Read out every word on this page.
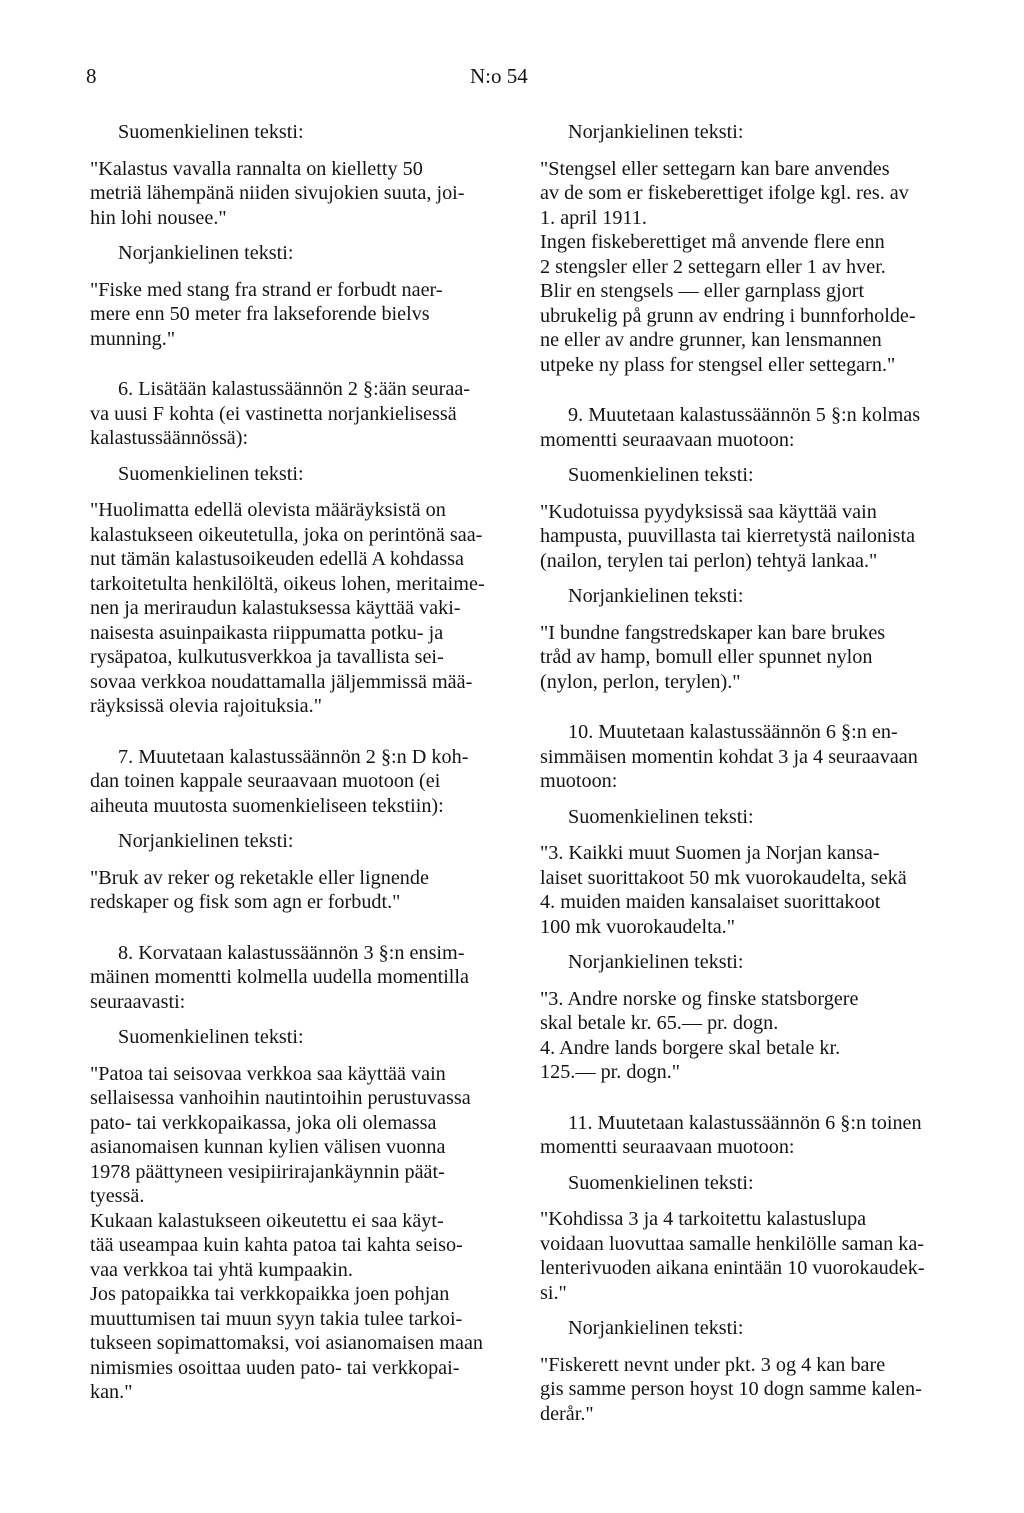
8	N:o 54

Suomenkielinen teksti:

"Kalastus vavalla rannalta on kielletty 50
metriä lähempänä niiden sivujokien suuta, joi-
hin lohi nousee."

Norjankielinen teksti:

"Fiske med stang fra strand er forbudt naer-
mere enn 50 meter fra lakseforende bielvs
munning."

6. Lisätään kalastussäännön 2 §:ään seuraa-
va uusi F kohta (ei vastinetta norjankielisessä
kalastussäännössä):

Suomenkielinen teksti:

"Huolimatta edellä olevista määräyksistä on
kalastukseen oikeutetulla, joka on perintönä saa-
nut tämän kalastusoikeuden edellä A kohdassa
tarkoitetulta henkilöltä, oikeus lohen, meritaime-
nen ja meriraudun kalastuksessa käyttää vaki-
naisesta asuinpaikasta riippumatta potku- ja
rysäpatoa, kulkutusverkkoa ja tavallista sei-
sovaa verkkoa noudattamalla jäljemmissä mää-
räyksissä olevia rajoituksia."

7. Muutetaan kalastussäännön 2 §:n D koh-
dan toinen kappale seuraavaan muotoon (ei
aiheuta muutosta suomenkieliseen tekstiin):

Norjankielinen teksti:

"Bruk av reker og reketakle eller lignende
redskaper og fisk som agn er forbudt."

8. Korvataan kalastussäännön 3 §:n ensim-
mäinen momentti kolmella uudella momentilla
seuraavasti:

Suomenkielinen teksti:

"Patoa tai seisovaa verkkoa saa käyttää vain
sellaisessa vanhoihin nautintoihin perustuvassa
pato- tai verkkopaikassa, joka oli olemassa
asianomaisen kunnan kylien välisen vuonna
1978 päättyneen vesipiirirajankäynnin päät-
tyessä.

Kukaan kalastukseen oikeutettu ei saa käyt-
tää useampaa kuin kahta patoa tai kahta seiso-
vaa verkkoa tai yhtä kumpaakin.

Jos patopaikka tai verkkopaikka joen pohjan
muuttumisen tai muun syyn takia tulee tarkoi-
tukseen sopimattomaksi, voi asianomaisen maan
nimismies osoittaa uuden pato- tai verkkopai-
kan."

Norjankielinen teksti:

"Stengsel eller settegarn kan bare anvendes
av de som er fiskeberettiget ifolge kgl. res. av
1. april 1911.

Ingen fiskeberettiget må anvende flere enn
2 stengsler eller 2 settegarn eller 1 av hver.

Blir en stengsels — eller garnplass gjort
ubrukelig på grunn av endring i bunnforholde-
ne eller av andre grunner, kan lensmannen
utpeke ny plass for stengsel eller settegarn."

9. Muutetaan kalastussäännön 5 §:n kolmas
momentti seuraavaan muotoon:

Suomenkielinen teksti:

"Kudotuissa pyydyksissä saa käyttää vain
hampusta, puuvillasta tai kierretystä nailonista
(nailon, terylen tai perlon) tehtyä lankaa."

Norjankielinen teksti:

"I bundne fangstredskaper kan bare brukes
tråd av hamp, bomull eller spunnet nylon
(nylon, perlon, terylen)."

10. Muutetaan kalastussäännön 6 §:n en-
simmäisen momentin kohdat 3 ja 4 seuraavaan
muotoon:

Suomenkielinen teksti:

"3. Kaikki muut Suomen ja Norjan kansa-
laiset suorittakoot 50 mk vuorokaudelta, sekä

4. muiden maiden kansalaiset suorittakoot
100 mk vuorokaudelta."

Norjankielinen teksti:

"3. Andre norske og finske statsborgere
skal betale kr. 65.— pr. dogn.

4. Andre lands borgere skal betale kr.
125.— pr. dogn."

11. Muutetaan kalastussäännön 6 §:n toinen
momentti seuraavaan muotoon:

Suomenkielinen teksti:

"Kohdissa 3 ja 4 tarkoitettu kalastuslupa
voidaan luovuttaa samalle henkilölle saman ka-
lenterivuoden aikana enintään 10 vuorokaudek-
si."

Norjankielinen teksti:

"Fiskerett nevnt under pkt. 3 og 4 kan bare
gis samme person hoyst 10 dogn samme kalen-
derår."
